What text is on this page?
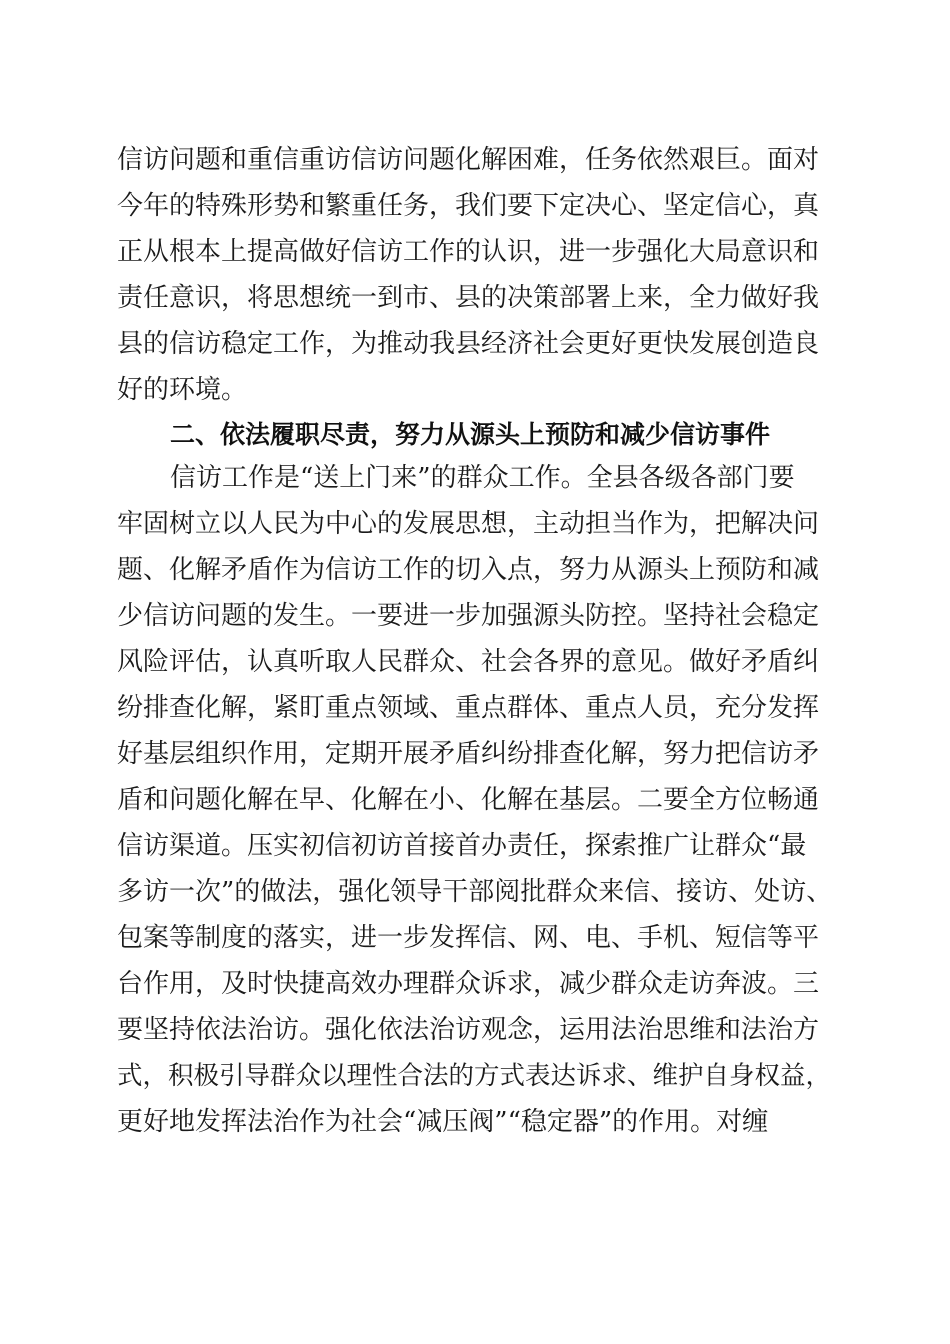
信访问题和重信重访信访问题化解困难，任务依然艰巨。面对
今年的特殊形势和繁重任务，我们要下定决心、坚定信心，真
正从根本上提高做好信访工作的认识，进一步强化大局意识和
责任意识，将思想统一到市、县的决策部署上来，全力做好我
县的信访稳定工作，为推动我县经济社会更好更快发展创造良
好的环境。
二、依法履职尽责，努力从源头上预防和减少信访事件
信访工作是“送上门来”的群众工作。全县各级各部门要
牢固树立以人民为中心的发展思想，主动担当作为，把解决问
题、化解矛盾作为信访工作的切入点，努力从源头上预防和减
少信访问题的发生。一要进一步加强源头防控。坚持社会稳定
风险评估，认真听取人民群众、社会各界的意见。做好矛盾纠
纷排查化解，紧盯重点领域、重点群体、重点人员，充分发挥
好基层组织作用，定期开展矛盾纠纷排查化解，努力把信访矛
盾和问题化解在早、化解在小、化解在基层。二要全方位畅通
信访渠道。压实初信初访首接首办责任，探索推广让群众“最
多访一次”的做法，强化领导干部阅批群众来信、接访、处访、
包案等制度的落实，进一步发挥信、网、电、手机、短信等平
台作用，及时快捷高效办理群众诉求，减少群众走访奔波。三
要坚持依法治访。强化依法治访观念，运用法治思维和法治方
式，积极引导群众以理性合法的方式表达诉求、维护自身权益，
更好地发挥法治作为社会“减压阀”“稳定器”的作用。对缠
